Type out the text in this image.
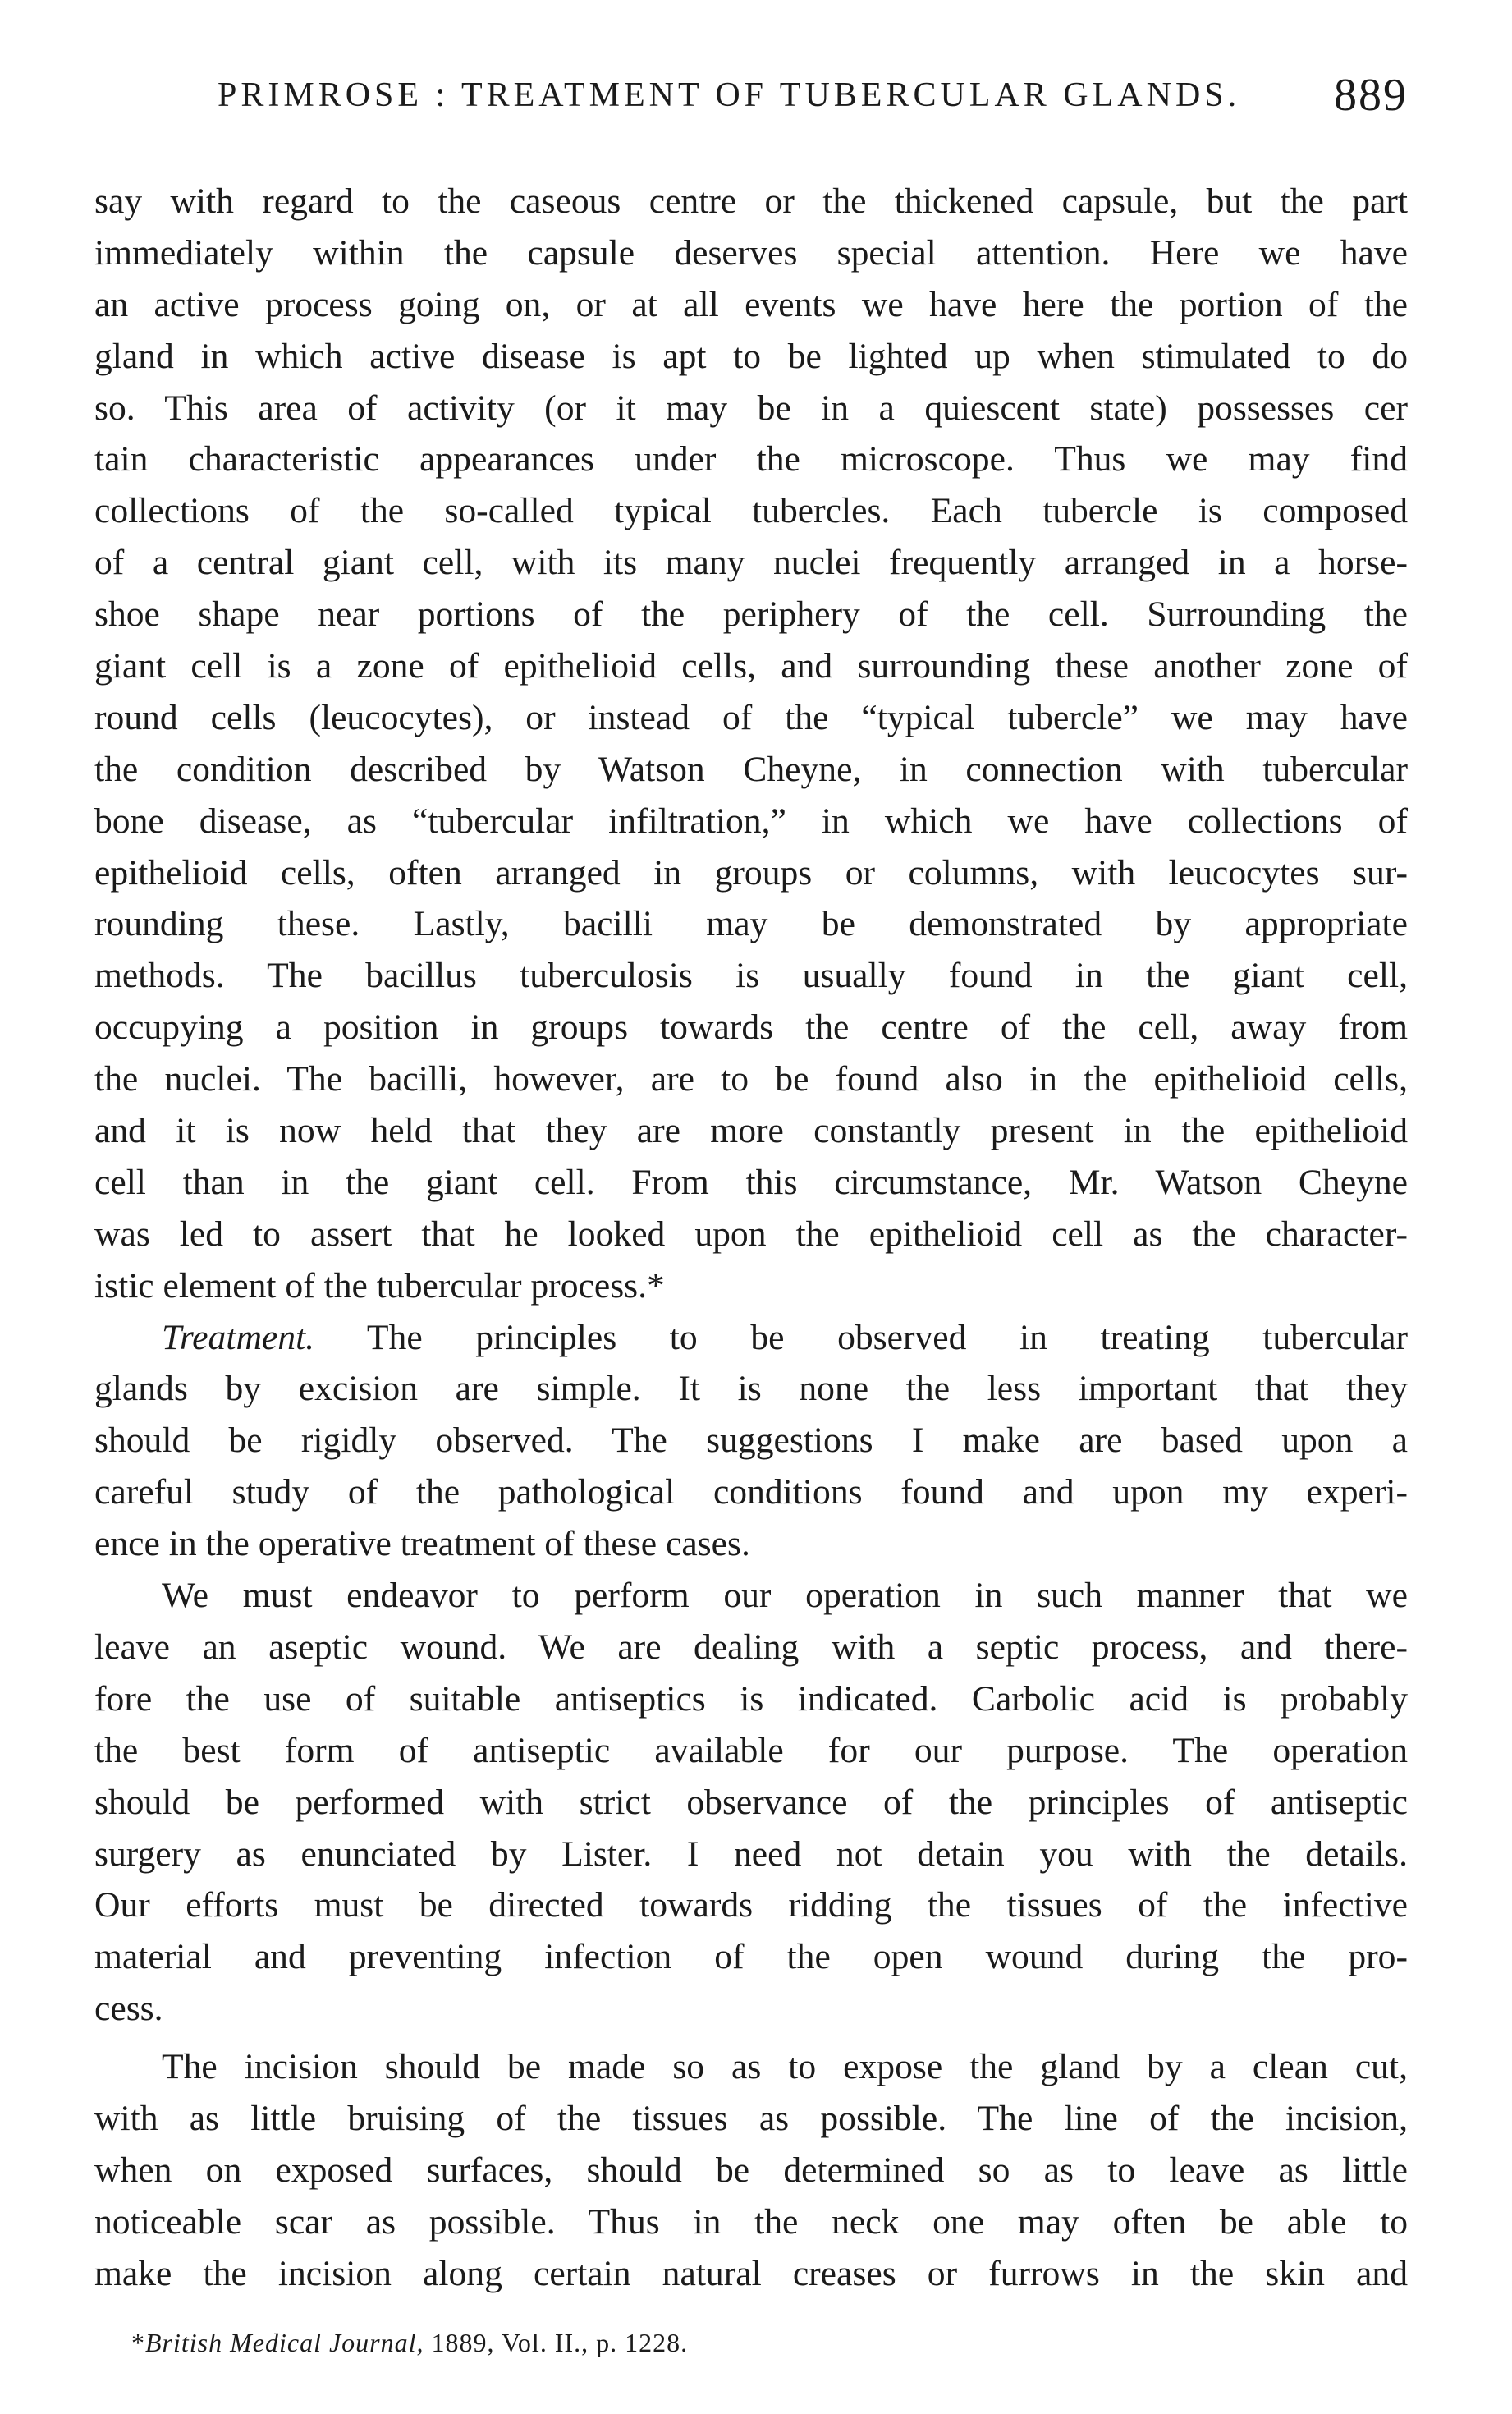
PRIMROSE : TREATMENT OF TUBERCULAR GLANDS. 889
say with regard to the caseous centre or the thickened capsule, but the part
immediately within the capsule deserves special attention. Here we have
an active process going on, or at all events we have here the portion of the
gland in which active disease is apt to be lighted up when stimulated to do
so. This area of activity (or it may be in a quiescent state) possesses cer
tain characteristic appearances under the microscope. Thus we may find
collections of the so-called typical tubercles. Each tubercle is composed
of a central giant cell, with its many nuclei frequently arranged in a horse-
shoe shape near portions of the periphery of the cell. Surrounding the
giant cell is a zone of epithelioid cells, and surrounding these another zone of
round cells (leucocytes), or instead of the “typical tubercle” we may have
the condition described by Watson Cheyne, in connection with tubercular
bone disease, as “tubercular infiltration,” in which we have collections of
epithelioid cells, often arranged in groups or columns, with leucocytes sur-
rounding these. Lastly, bacilli may be demonstrated by appropriate
methods. The bacillus tuberculosis is usually found in the giant cell,
occupying a position in groups towards the centre of the cell, away from
the nuclei. The bacilli, however, are to be found also in the epithelioid cells,
and it is now held that they are more constantly present in the epithelioid
cell than in the giant cell. From this circumstance, Mr. Watson Cheyne
was led to assert that he looked upon the epithelioid cell as the character-
istic element of the tubercular process.*
Treatment. The principles to be observed in treating tubercular
glands by excision are simple. It is none the less important that they
should be rigidly observed. The suggestions I make are based upon a
careful study of the pathological conditions found and upon my experi-
ence in the operative treatment of these cases.
We must endeavor to perform our operation in such manner that we
leave an aseptic wound. We are dealing with a septic process, and there-
fore the use of suitable antiseptics is indicated. Carbolic acid is probably
the best form of antiseptic available for our purpose. The operation
should be performed with strict observance of the principles of antiseptic
surgery as enunciated by Lister. I need not detain you with the details.
Our efforts must be directed towards ridding the tissues of the infective
material and preventing infection of the open wound during the pro-
cess.
The incision should be made so as to expose the gland by a clean cut,
with as little bruising of the tissues as possible. The line of the incision,
when on exposed surfaces, should be determined so as to leave as little
noticeable scar as possible. Thus in the neck one may often be able to
make the incision along certain natural creases or furrows in the skin and
*British Medical Journal, 1889, Vol. II., p. 1228.
